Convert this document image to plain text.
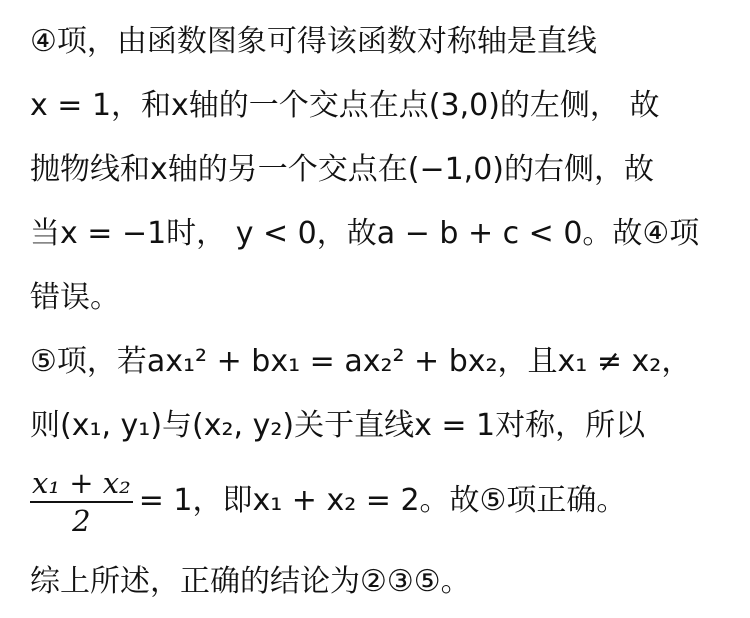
④项，由函数图象可得该函数对称轴是直线
x = 1，和x轴的一个交点在点(3,0)的左侧， 故
抛物线和x轴的另一个交点在(−1,0)的右侧，故
当x = −1时， y < 0，故a − b + c < 0。故④项
错误。
⑤项，若ax₁² + bx₁ = ax₂² + bx₂，且x₁ ≠ x₂，
则(x₁, y₁)与(x₂, y₂)关于直线x = 1对称，所以
$\frac{\text{x₁ + x₂}}{2} = 1$，即x₁ + x₂ = 2。故⑤项正确。
综上所述，正确的结论为②③⑤。
